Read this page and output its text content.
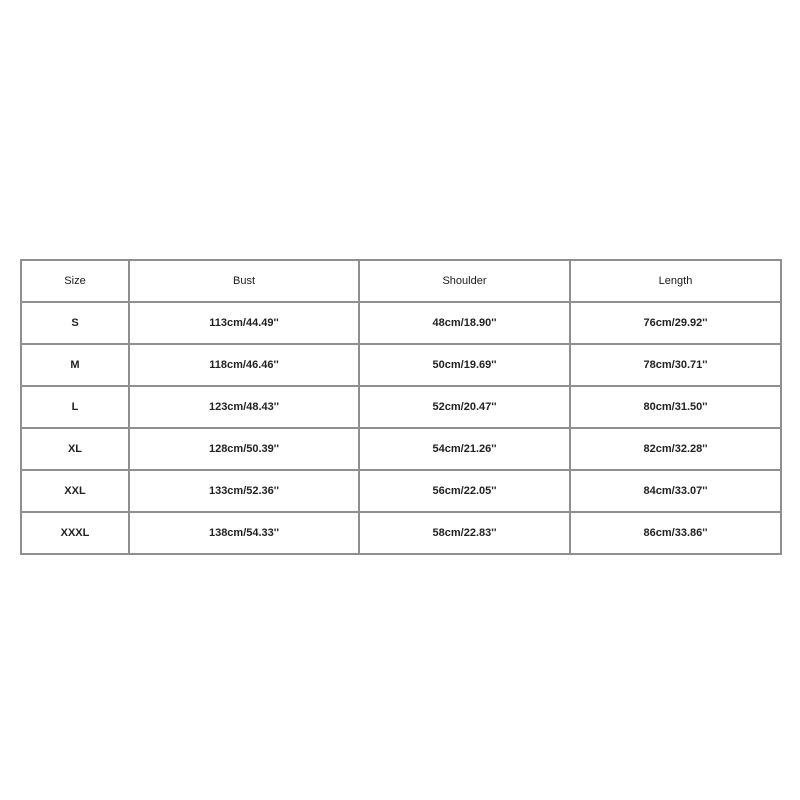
Size	Bust	Shoulder	Length
S	113cm/44.49''	48cm/18.90''	76cm/29.92''
M	118cm/46.46''	50cm/19.69''	78cm/30.71''
L	123cm/48.43''	52cm/20.47''	80cm/31.50''
XL	128cm/50.39''	54cm/21.26''	82cm/32.28''
XXL	133cm/52.36''	56cm/22.05''	84cm/33.07''
XXXL	138cm/54.33''	58cm/22.83''	86cm/33.86''
